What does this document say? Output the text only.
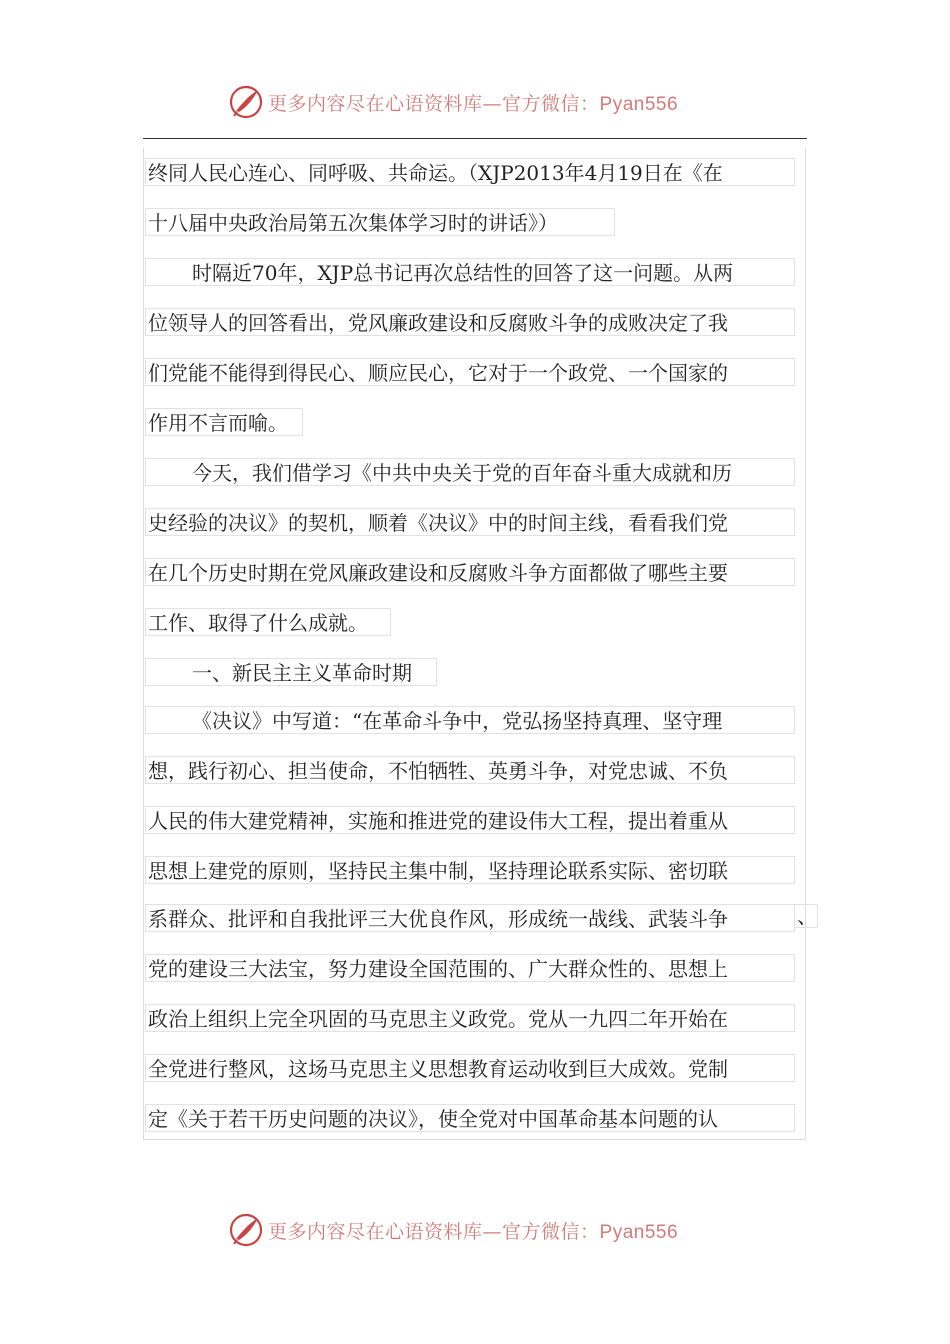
更多内容尽在心语资料库—官方微信：Pyan556
终同人民心连心、同呼吸、共命运。（XJP2013年4月19日在《在
十八届中央政治局第五次集体学习时的讲话》）
时隔近70年，XJP总书记再次总结性的回答了这一问题。从两
位领导人的回答看出，党风廉政建设和反腐败斗争的成败决定了我
们党能不能得到得民心、顺应民心，它对于一个政党、一个国家的
作用不言而喻。
今天，我们借学习《中共中央关于党的百年奋斗重大成就和历
史经验的决议》的契机，顺着《决议》中的时间主线，看看我们党
在几个历史时期在党风廉政建设和反腐败斗争方面都做了哪些主要
工作、取得了什么成就。
一、新民主主义革命时期
《决议》中写道：“在革命斗争中，党弘扬坚持真理、坚守理
想，践行初心、担当使命，不怕牺牲、英勇斗争，对党忠诚、不负
人民的伟大建党精神，实施和推进党的建设伟大工程，提出着重从
思想上建党的原则，坚持民主集中制，坚持理论联系实际、密切联
系群众、批评和自我批评三大优良作风，形成统一战线、武装斗争	、
党的建设三大法宝，努力建设全国范围的、广大群众性的、思想上
政治上组织上完全巩固的马克思主义政党。党从一九四二年开始在
全党进行整风，这场马克思主义思想教育运动收到巨大成效。党制
定《关于若干历史问题的决议》，使全党对中国革命基本问题的认
更多内容尽在心语资料库—官方微信：Pyan556
